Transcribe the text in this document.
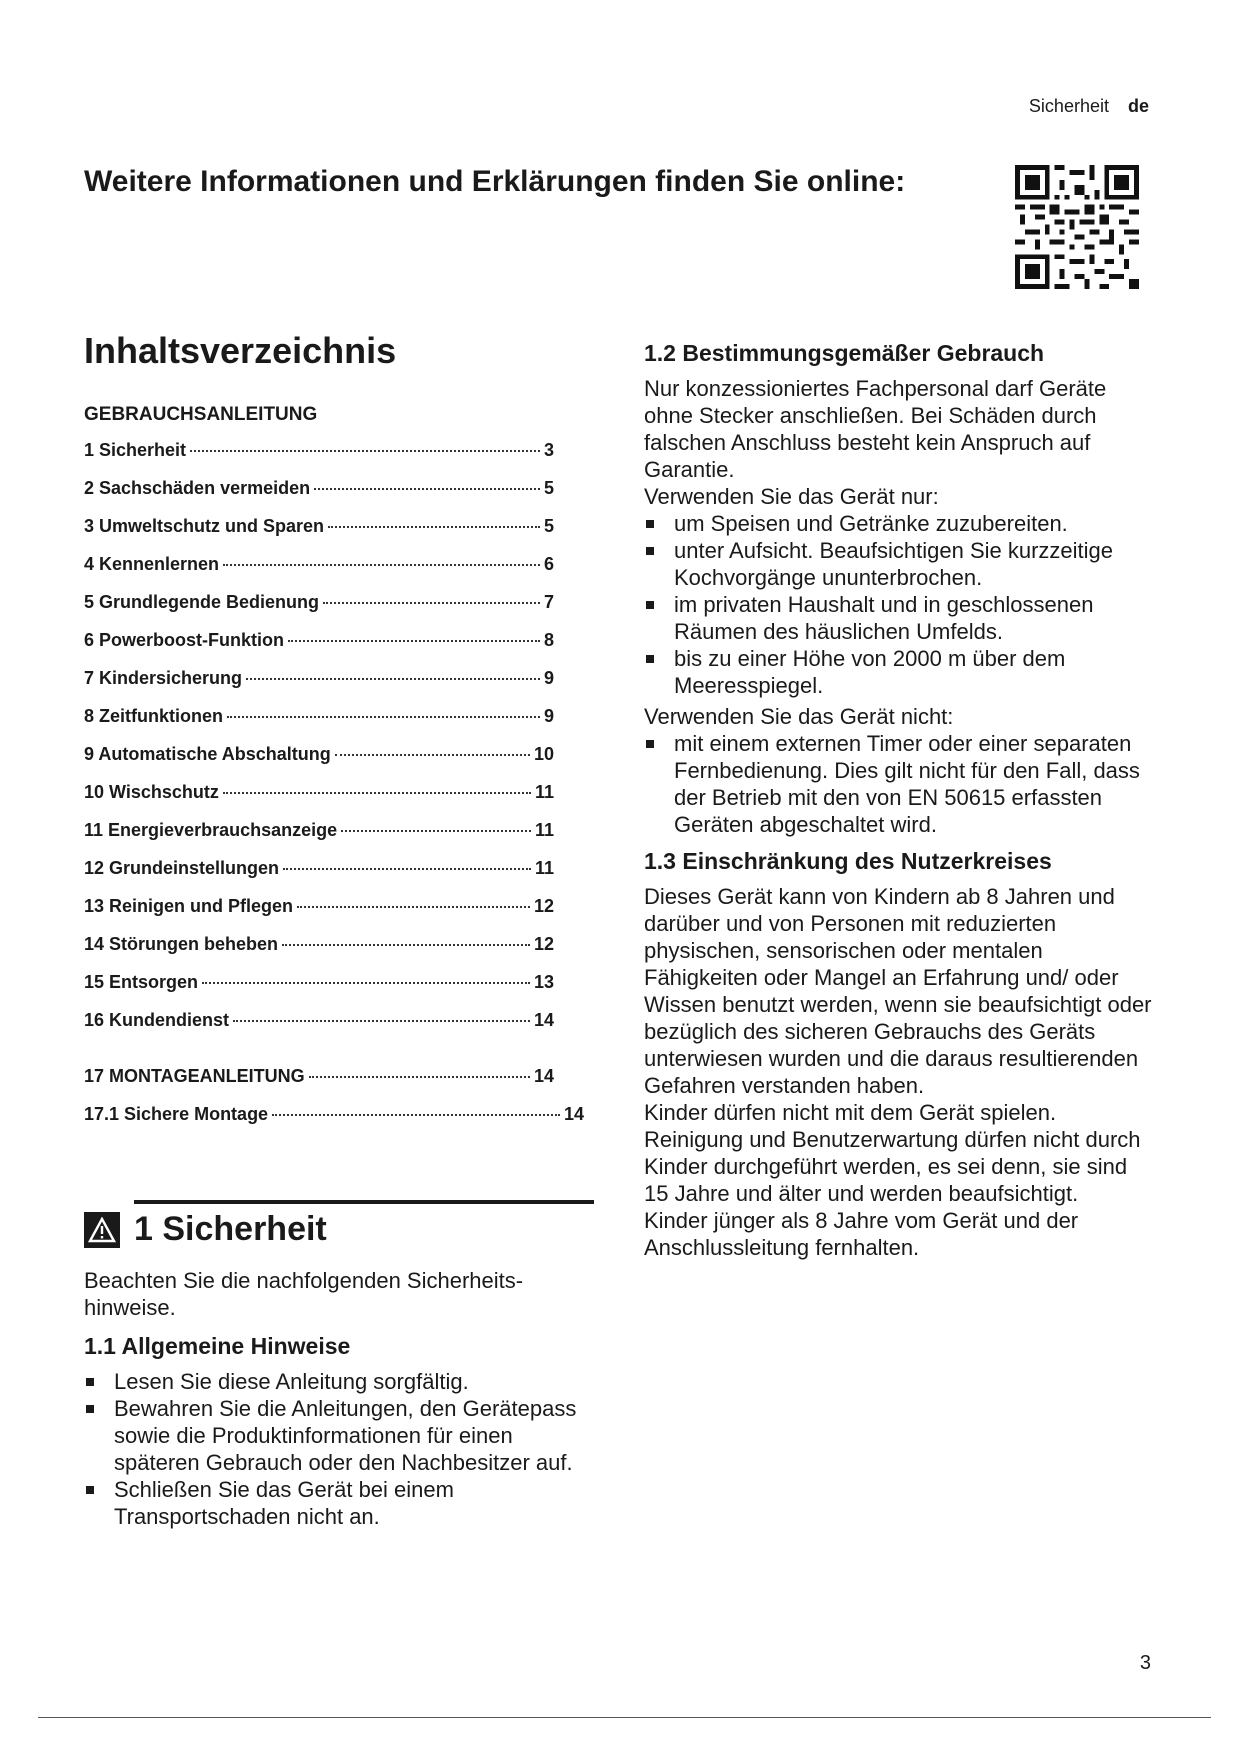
Sicherheit de
Weitere Informationen und Erklärungen finden Sie online:
Inhaltsverzeichnis
GEBRAUCHSANLEITUNG
1 Sicherheit	3
2 Sachschäden vermeiden	5
3 Umweltschutz und Sparen	5
4 Kennenlernen	6
5 Grundlegende Bedienung	7
6 Powerboost-Funktion	8
7 Kindersicherung	9
8 Zeitfunktionen	9
9 Automatische Abschaltung	10
10 Wischschutz	11
11 Energieverbrauchsanzeige	11
12 Grundeinstellungen	11
13 Reinigen und Pflegen	12
14 Störungen beheben	12
15 Entsorgen	13
16 Kundendienst	14
17 MONTAGEANLEITUNG	14
17.1 Sichere Montage	14
1 Sicherheit

Beachten Sie die nachfolgenden Sicherheits-hinweise.

1.1 Allgemeine Hinweise
Lesen Sie diese Anleitung sorgfältig.
Bewahren Sie die Anleitungen, den Gerätepass sowie die Produktinformationen für einen späteren Gebrauch oder den Nachbesitzer auf.
Schließen Sie das Gerät bei einem Transportschaden nicht an.
1.2 Bestimmungsgemäßer Gebrauch

Nur konzessioniertes Fachpersonal darf Geräte ohne Stecker anschließen. Bei Schäden durch falschen Anschluss besteht kein Anspruch auf Garantie.

Verwenden Sie das Gerät nur:

um Speisen und Getränke zuzubereiten.
unter Aufsicht. Beaufsichtigen Sie kurzzeitige Kochvorgänge ununterbrochen.
im privaten Haushalt und in geschlossenen Räumen des häuslichen Umfelds.
bis zu einer Höhe von 2000 m über dem Meeresspiegel.

Verwenden Sie das Gerät nicht:

mit einem externen Timer oder einer separaten Fernbedienung. Dies gilt nicht für den Fall, dass der Betrieb mit den von EN 50615 erfassten Geräten abgeschaltet wird.
1.3 Einschränkung des Nutzerkreises

Dieses Gerät kann von Kindern ab 8 Jahren und darüber und von Personen mit reduzierten physischen, sensorischen oder mentalen Fähigkeiten oder Mangel an Erfahrung und/ oder Wissen benutzt werden, wenn sie beaufsichtigt oder bezüglich des sicheren Gebrauchs des Geräts unterwiesen wurden und die daraus resultierenden Gefahren verstanden haben.

Kinder dürfen nicht mit dem Gerät spielen.

Reinigung und Benutzerwartung dürfen nicht durch Kinder durchgeführt werden, es sei denn, sie sind 15 Jahre und älter und werden beaufsichtigt.

Kinder jünger als 8 Jahre vom Gerät und der Anschlussleitung fernhalten.

3
